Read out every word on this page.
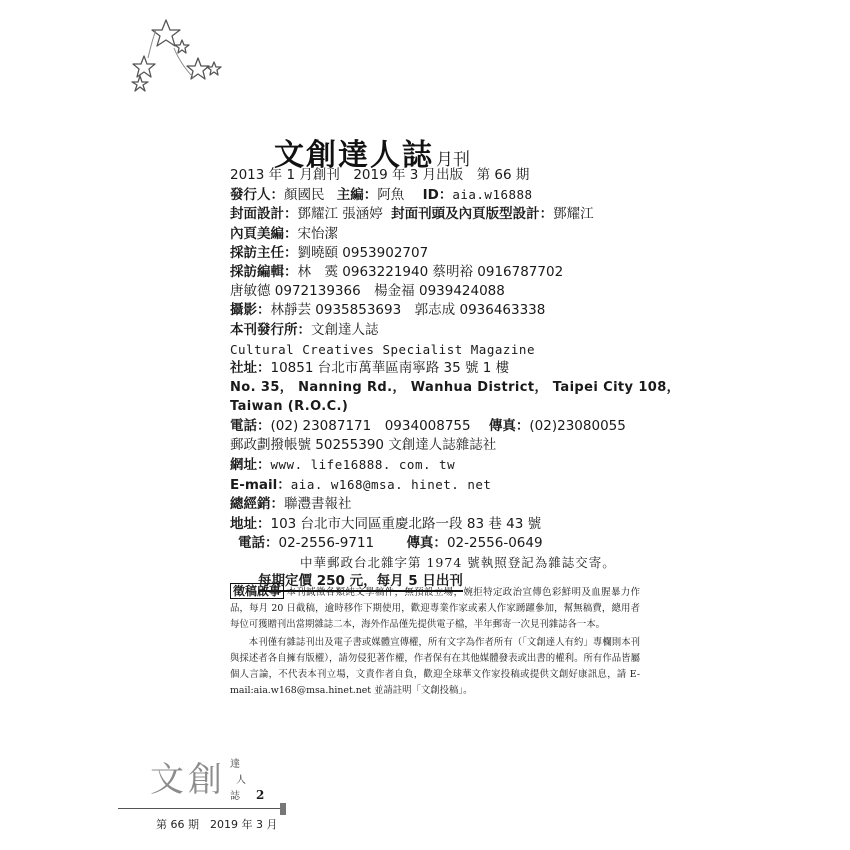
文創達人誌 月刊
2013 年 1 月創刊　2019 年 3 月出版　第 66 期
發行人：顏國民 主編：阿魚 ID：aia.w16888
封面設計：鄧耀江 張涵婷 封面刊頭及內頁版型設計：鄧耀江
內頁美編：宋怡潔
採訪主任：劉曉頤 0953902707
採訪編輯：林　霙 0963221940 蔡明裕 0916787702
唐敏德 0972139366　楊金福 0939424088
攝影：林靜芸 0935853693　郭志成 0936463338
本刊發行所：文創達人誌
Cultural Creatives Specialist Magazine
社址：10851 台北市萬華區南寧路 35 號 1 樓
No. 35， Nanning Rd.， Wanhua District， Taipei City 108，
Taiwan (R.O.C.)
電話：(02) 23087171　0934008755 傳真：(02)23080055
郵政劃撥帳號 50255390 文創達人誌雜誌社
網址：www. life16888. com. tw
E-mail：aia. w168@msa. hinet. net
總經銷：聯灃書報社
地址：103 台北市大同區重慶北路一段 83 巷 43 號
電話：02-2556-9711 傳真：02-2556-0649
中華郵政台北雜字第 1974 號執照登記為雜誌交寄。
每期定價 250 元，每月 5 日出刊

徵稿啟事 本刊誠徵各類純文學稿件，無預設立場，婉拒特定政治宣傳色彩鮮明及血腥暴力作品，每月 20 日截稿，逾時移作下期使用，歡迎專業作家或素人作家踴躍參加，幫無稿費，總用者每位可獲贈刊出當期雜誌二本，海外作品僅先提供電子檔，半年郵寄一次見刊雜誌各一本。

本刊僅有雜誌刊出及電子書或媒體宣傳權，所有文字為作者所有（「文創達人有約」專欄則本刊與採述者各自擁有版權），請勿侵犯著作權，作者保有在其他媒體發表或出書的權利。所有作品皆屬個人言論，不代表本刊立場，文責作者自負，歡迎全球華文作家投稿或提供文創好康訊息，請 E-mail:aia.w168@msa.hinet.net 並請註明「文創投稿」。

文創 達
人
誌 2
第 66 期　2019 年 3 月
